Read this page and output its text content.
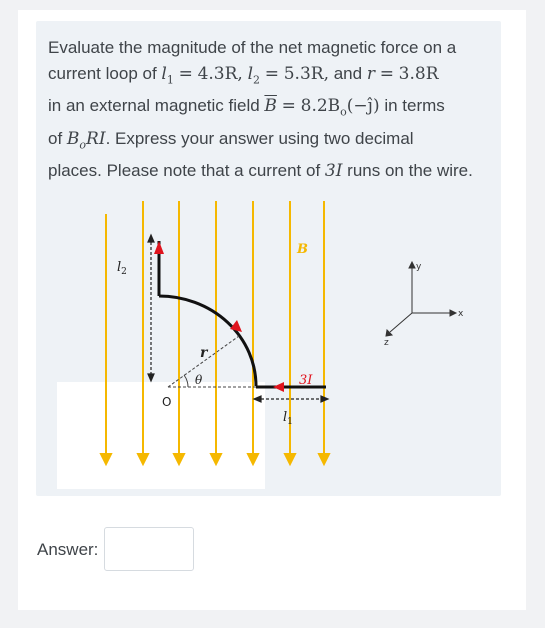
Evaluate the magnitude of the net magnetic force on a
current loop of $l_1 = 4.3R$, $l_2 = 5.3R$, and r = 3.8R
in an external magnetic field $\overline{B}$ = $8.2B_o(-ĵ)$ in terms
of $B_oRI$. Express your answer using two decimal
places. Please note that a current of 3I runs on the wire.
B
$l_2$
3I
r
θ
O
$l_1$
y
x
z
Answer:
